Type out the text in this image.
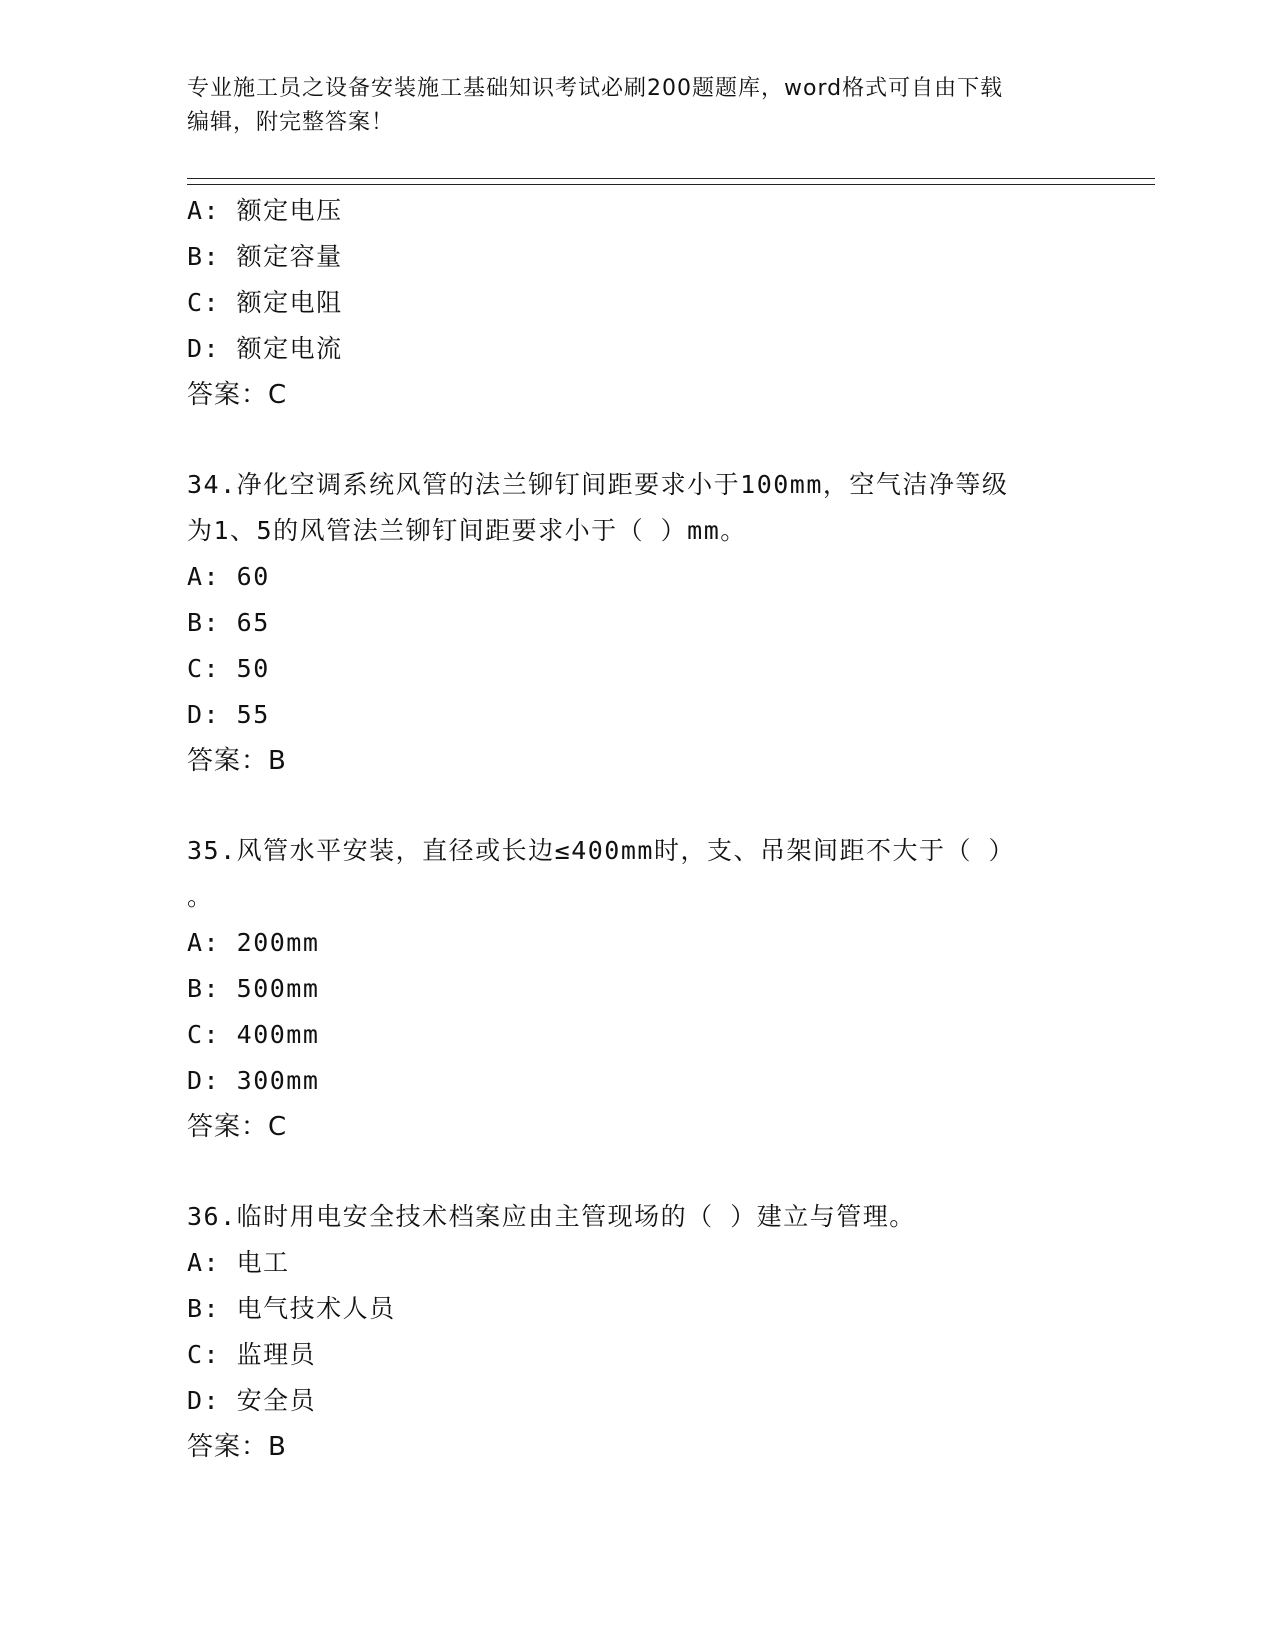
专业施工员之设备安装施工基础知识考试必刷200题题库，word格式可自由下载
编辑，附完整答案！
A: 额定电压
B: 额定容量
C: 额定电阻
D: 额定电流
答案：C
34.净化空调系统风管的法兰铆钉间距要求小于100mm，空气洁净等级
为1、5的风管法兰铆钉间距要求小于（ ）mm。
A: 60
B: 65
C: 50
D: 55
答案：B
35.风管水平安装，直径或长边≤400mm时，支、吊架间距不大于（ ）
。
A: 200mm
B: 500mm
C: 400mm
D: 300mm
答案：C
36.临时用电安全技术档案应由主管现场的（ ）建立与管理。
A: 电工
B: 电气技术人员
C: 监理员
D: 安全员
答案：B
